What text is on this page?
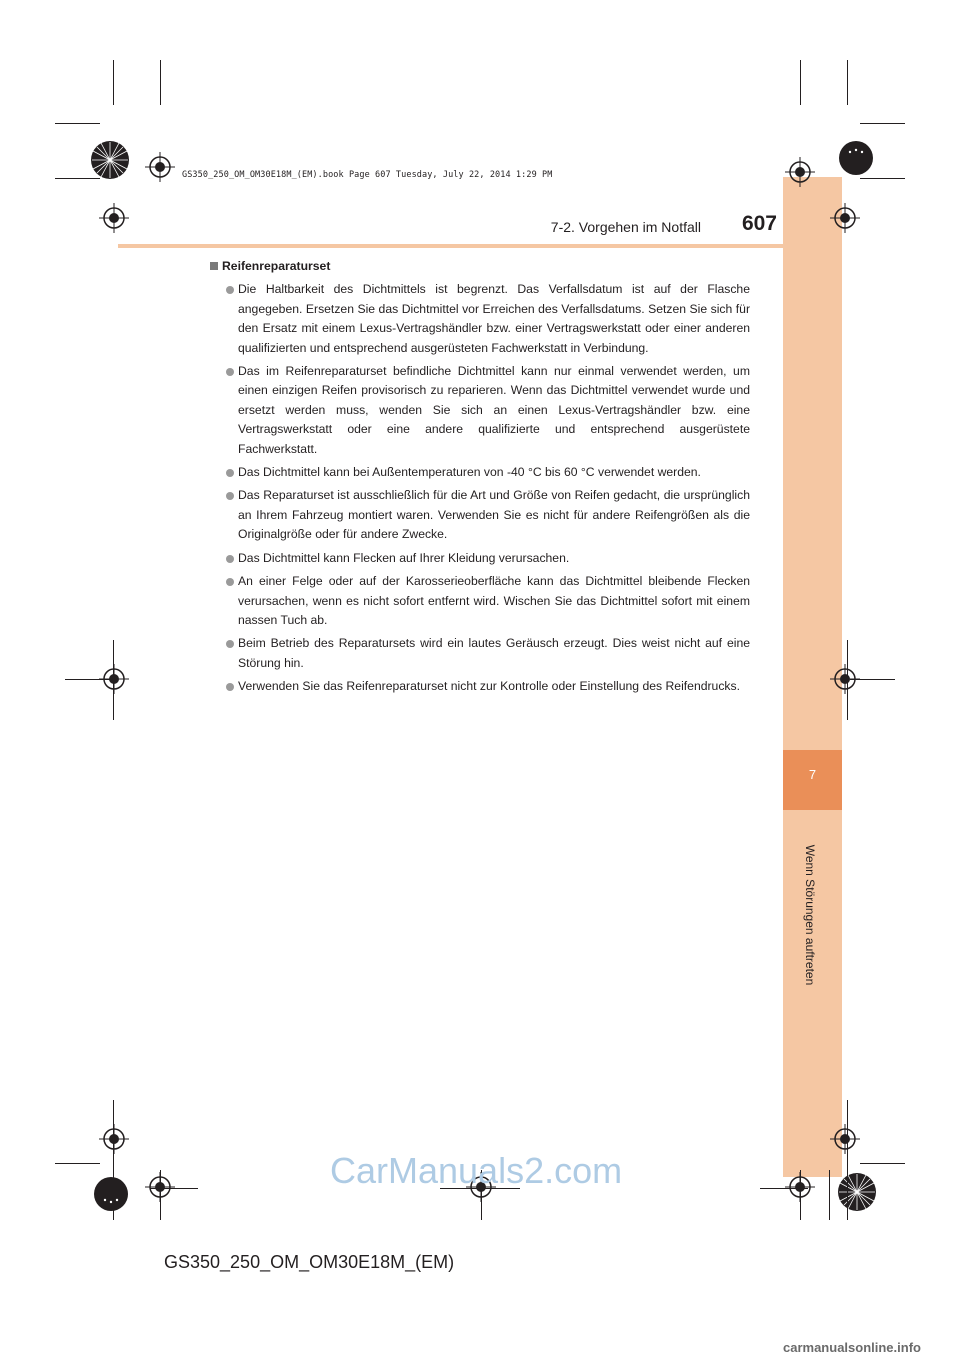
7
Wenn Störungen auftreten
GS350_250_OM_OM30E18M_(EM).book Page 607 Tuesday, July 22, 2014 1:29 PM
7-2. Vorgehen im Notfall	607
Reifenreparaturset
Die Haltbarkeit des Dichtmittels ist begrenzt. Das Verfallsdatum ist auf der Flasche angegeben. Ersetzen Sie das Dichtmittel vor Erreichen des Verfallsdatums. Setzen Sie sich für den Ersatz mit einem Lexus-Vertragshändler bzw. einer Vertragswerkstatt oder einer anderen qualifizierten und entsprechend ausgerüsteten Fachwerkstatt in Verbindung.
Das im Reifenreparaturset befindliche Dichtmittel kann nur einmal verwendet werden, um einen einzigen Reifen provisorisch zu reparieren. Wenn das Dichtmittel verwendet wurde und ersetzt werden muss, wenden Sie sich an einen Lexus-Vertragshändler bzw. eine Vertragswerkstatt oder eine andere qualifizierte und entsprechend ausgerüstete Fachwerkstatt.
Das Dichtmittel kann bei Außentemperaturen von -40 °C bis 60 °C verwendet werden.
Das Reparaturset ist ausschließlich für die Art und Größe von Reifen gedacht, die ursprünglich an Ihrem Fahrzeug montiert waren. Verwenden Sie es nicht für andere Reifengrößen als die Originalgröße oder für andere Zwecke.
Das Dichtmittel kann Flecken auf Ihrer Kleidung verursachen.
An einer Felge oder auf der Karosserieoberfläche kann das Dichtmittel bleibende Flecken verursachen, wenn es nicht sofort entfernt wird. Wischen Sie das Dichtmittel sofort mit einem nassen Tuch ab.
Beim Betrieb des Reparatursets wird ein lautes Geräusch erzeugt. Dies weist nicht auf eine Störung hin.
Verwenden Sie das Reifenreparaturset nicht zur Kontrolle oder Einstellung des Reifendrucks.
CarManuals2.com
GS350_250_OM_OM30E18M_(EM)
carmanualsonline.info
